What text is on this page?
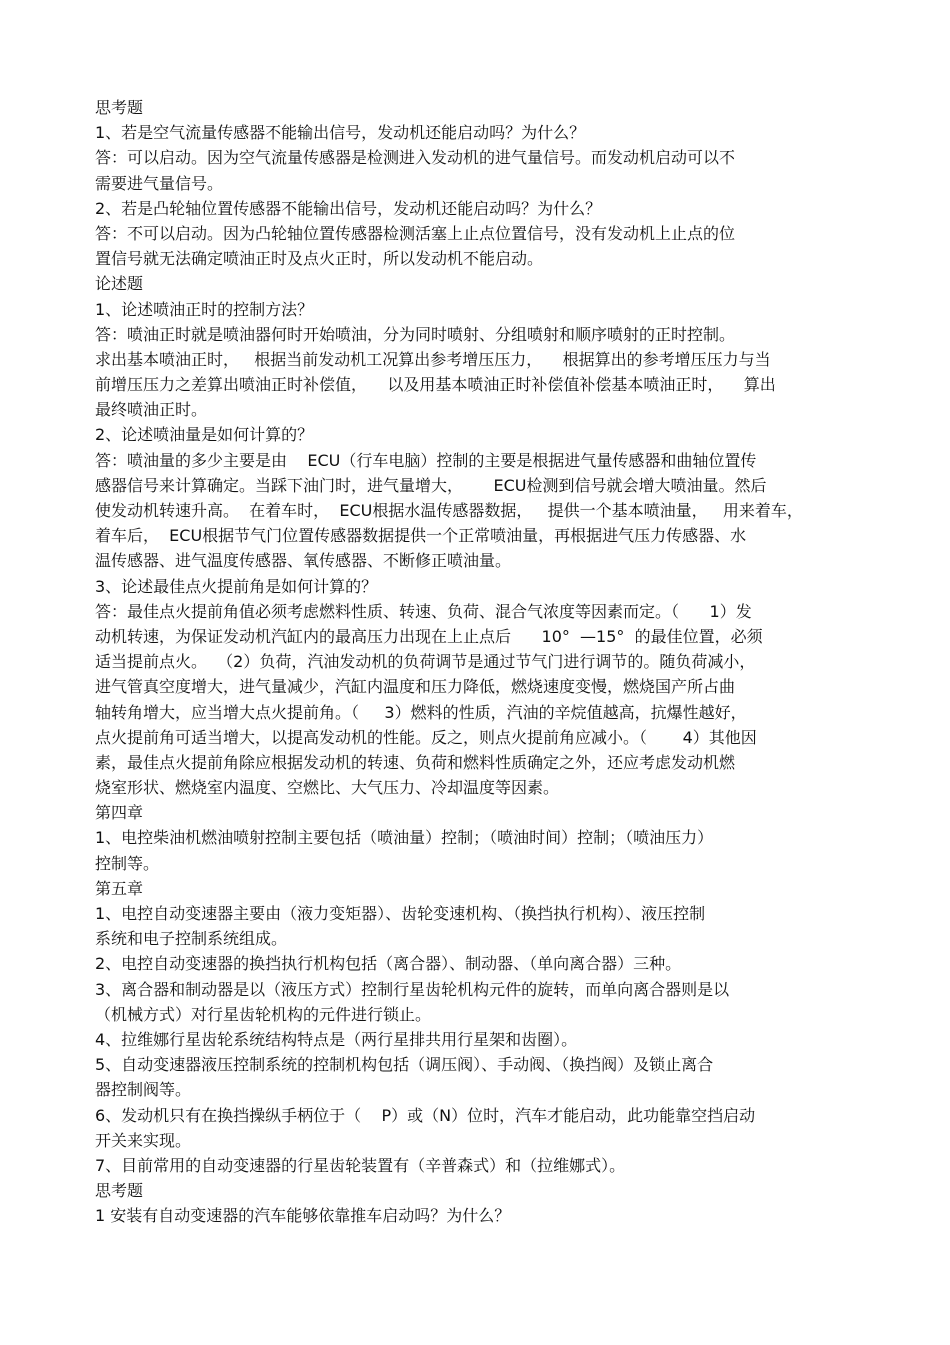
思考题
1、若是空气流量传感器不能输出信号，发动机还能启动吗？为什么？
答：可以启动。因为空气流量传感器是检测进入发动机的进气量信号。而发动机启动可以不
需要进气量信号。
2、若是凸轮轴位置传感器不能输出信号，发动机还能启动吗？为什么？
答：不可以启动。因为凸轮轴位置传感器检测活塞上止点位置信号，没有发动机上止点的位
置信号就无法确定喷油正时及点火正时，所以发动机不能启动。
论述题
1、论述喷油正时的控制方法？
答：喷油正时就是喷油器何时开始喷油，分为同时喷射、分组喷射和顺序喷射的正时控制。
求出基本喷油正时，   根据当前发动机工况算出参考增压压力，    根据算出的参考增压压力与当
前增压压力之差算出喷油正时补偿值，    以及用基本喷油正时补偿值补偿基本喷油正时，    算出
最终喷油正时。
2、论述喷油量是如何计算的？
答：喷油量的多少主要是由    ECU（行车电脑）控制的主要是根据进气量传感器和曲轴位置传
感器信号来计算确定。当踩下油门时，进气量增大，      ECU检测到信号就会增大喷油量。然后
使发动机转速升高。  在着车时，  ECU根据水温传感器数据，   提供一个基本喷油量，   用来着车，
着车后，  ECU根据节气门位置传感器数据提供一个正常喷油量，再根据进气压力传感器、水
温传感器、进气温度传感器、氧传感器、不断修正喷油量。
3、论述最佳点火提前角是如何计算的？
答：最佳点火提前角值必须考虑燃料性质、转速、负荷、混合气浓度等因素而定。（      1）发
动机转速，为保证发动机汽缸内的最高压力出现在上止点后      10°  —15°  的最佳位置，必须
适当提前点火。  （2）负荷，汽油发动机的负荷调节是通过节气门进行调节的。随负荷减小，
进气管真空度增大，进气量减少，汽缸内温度和压力降低，燃烧速度变慢，燃烧国产所占曲
轴转角增大，应当增大点火提前角。（     3）燃料的性质，汽油的辛烷值越高，抗爆性越好，
点火提前角可适当增大，以提高发动机的性能。反之，则点火提前角应减小。（       4）其他因
素，最佳点火提前角除应根据发动机的转速、负荷和燃料性质确定之外，还应考虑发动机燃
烧室形状、燃烧室内温度、空燃比、大气压力、冷却温度等因素。
第四章
1、电控柴油机燃油喷射控制主要包括（喷油量）控制；（喷油时间）控制；（喷油压力）
控制等。
第五章
1、电控自动变速器主要由（液力变矩器）、齿轮变速机构、（换挡执行机构）、液压控制
系统和电子控制系统组成。
2、电控自动变速器的换挡执行机构包括（离合器）、制动器、（单向离合器）三种。
3、离合器和制动器是以（液压方式）控制行星齿轮机构元件的旋转，而单向离合器则是以
（机械方式）对行星齿轮机构的元件进行锁止。
4、拉维娜行星齿轮系统结构特点是（两行星排共用行星架和齿圈）。
5、自动变速器液压控制系统的控制机构包括（调压阀）、手动阀、（换挡阀）及锁止离合
器控制阀等。
6、发动机只有在换挡操纵手柄位于（    P）或（N）位时，汽车才能启动，此功能靠空挡启动
开关来实现。
7、目前常用的自动变速器的行星齿轮装置有（辛普森式）和（拉维娜式）。
思考题
1 安装有自动变速器的汽车能够依靠推车启动吗？为什么？
